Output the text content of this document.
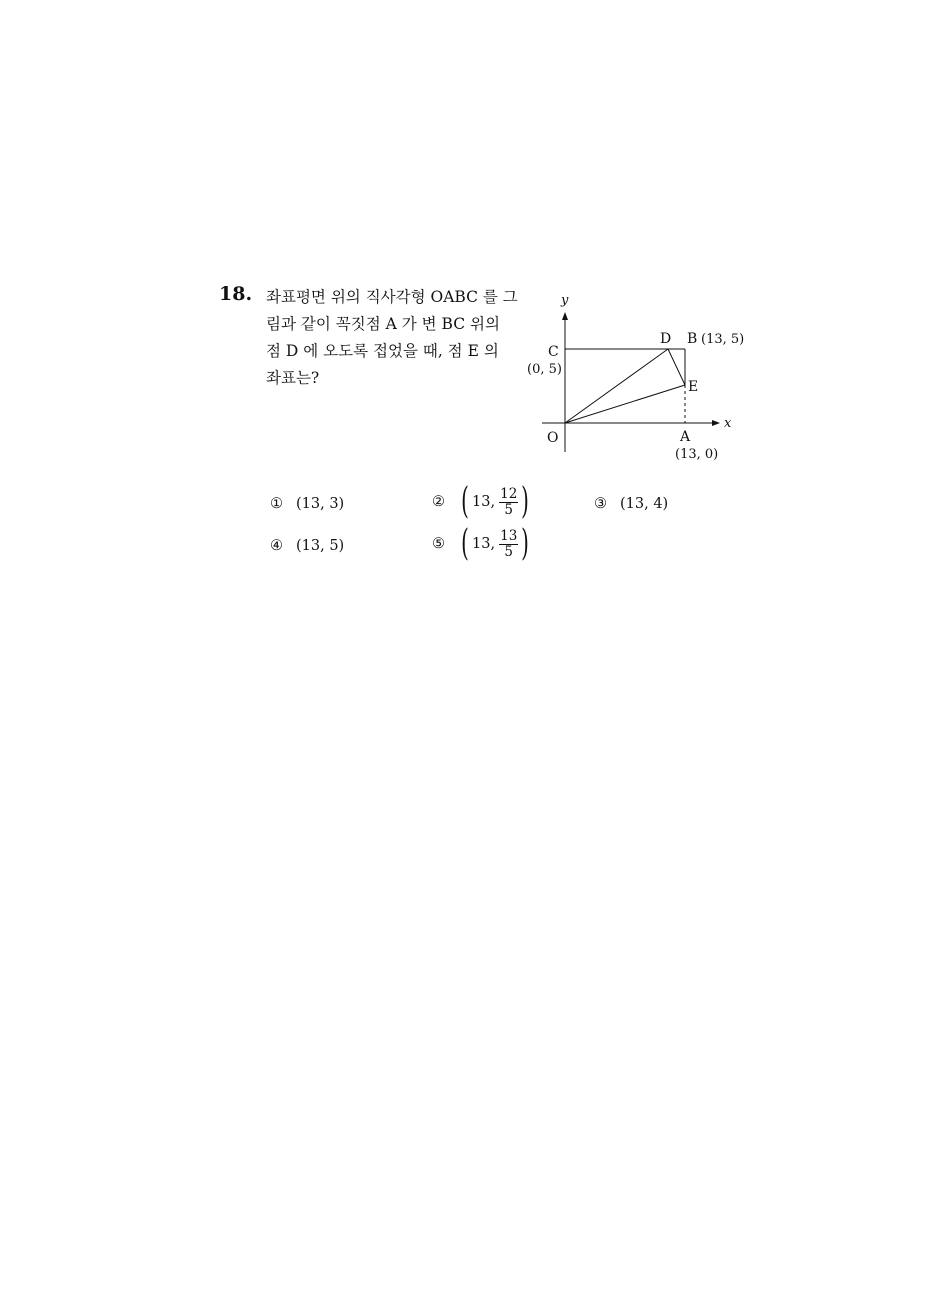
18. 좌표평면 위의 직사각형 OABC 를 그
림과 같이 꼭짓점 A 가 변 BC 위의
점 D 에 오도록 접었을 때, 점 E 의
좌표는?
x
y
O	A
(13, 0)
C
(0, 5)
D B (13, 5)
E
① (13, 3)	② ( 13, $\frac{12}{5}$ )	③ (13, 4)
④ (13, 5)	⑤ ( 13, $\frac{13}{5}$ )
